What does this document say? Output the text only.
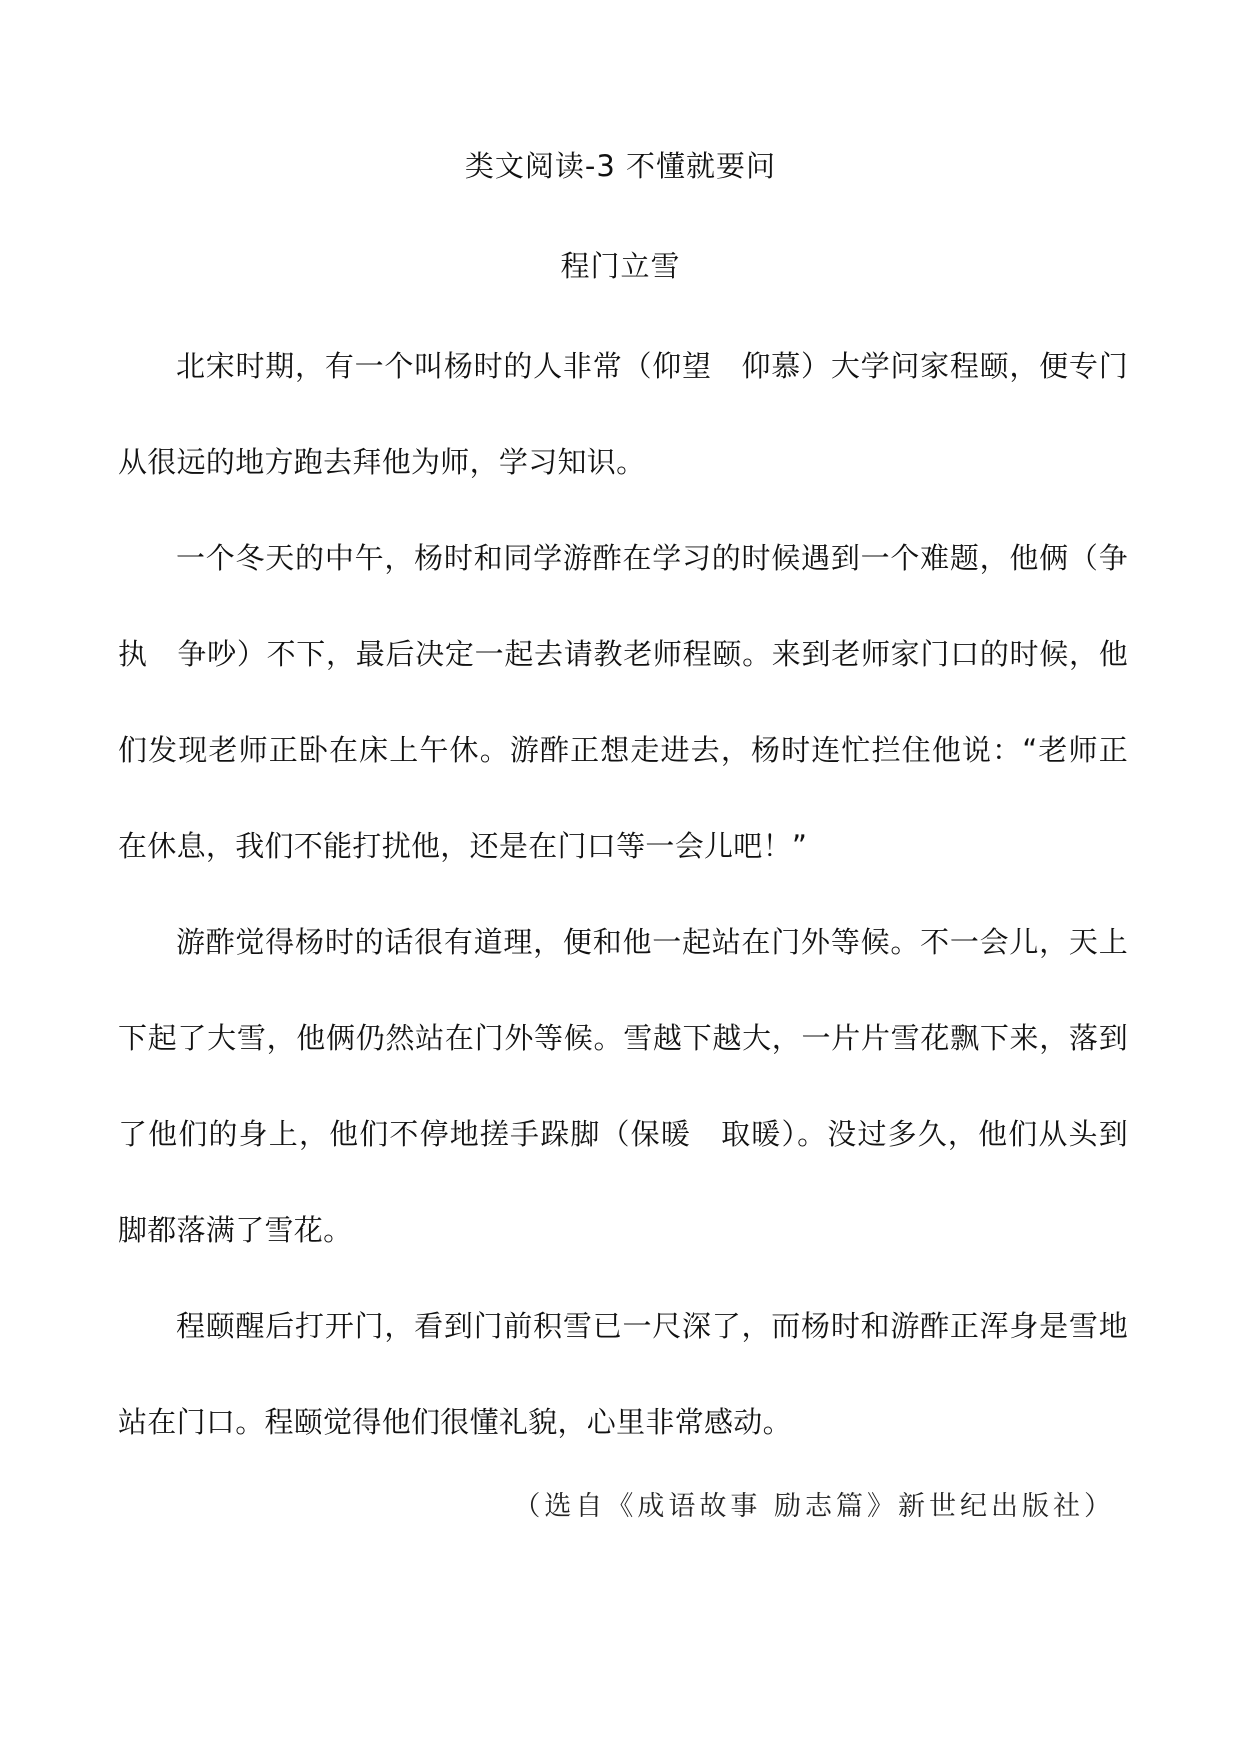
类文阅读-3 不懂就要问
程门立雪

北宋时期，有一个叫杨时的人非常（仰望　仰慕）大学问家程颐，便专门从很远的地方跑去拜他为师，学习知识。

一个冬天的中午，杨时和同学游酢在学习的时候遇到一个难题，他俩（争执　争吵）不下，最后决定一起去请教老师程颐。来到老师家门口的时候，他们发现老师正卧在床上午休。游酢正想走进去，杨时连忙拦住他说：“老师正在休息，我们不能打扰他，还是在门口等一会儿吧！”

游酢觉得杨时的话很有道理，便和他一起站在门外等候。不一会儿，天上下起了大雪，他俩仍然站在门外等候。雪越下越大，一片片雪花飘下来，落到了他们的身上，他们不停地搓手跺脚（保暖　取暖）。没过多久，他们从头到脚都落满了雪花。

程颐醒后打开门，看到门前积雪已一尺深了，而杨时和游酢正浑身是雪地站在门口。程颐觉得他们很懂礼貌，心里非常感动。

（选自《成语故事 励志篇》新世纪出版社）
